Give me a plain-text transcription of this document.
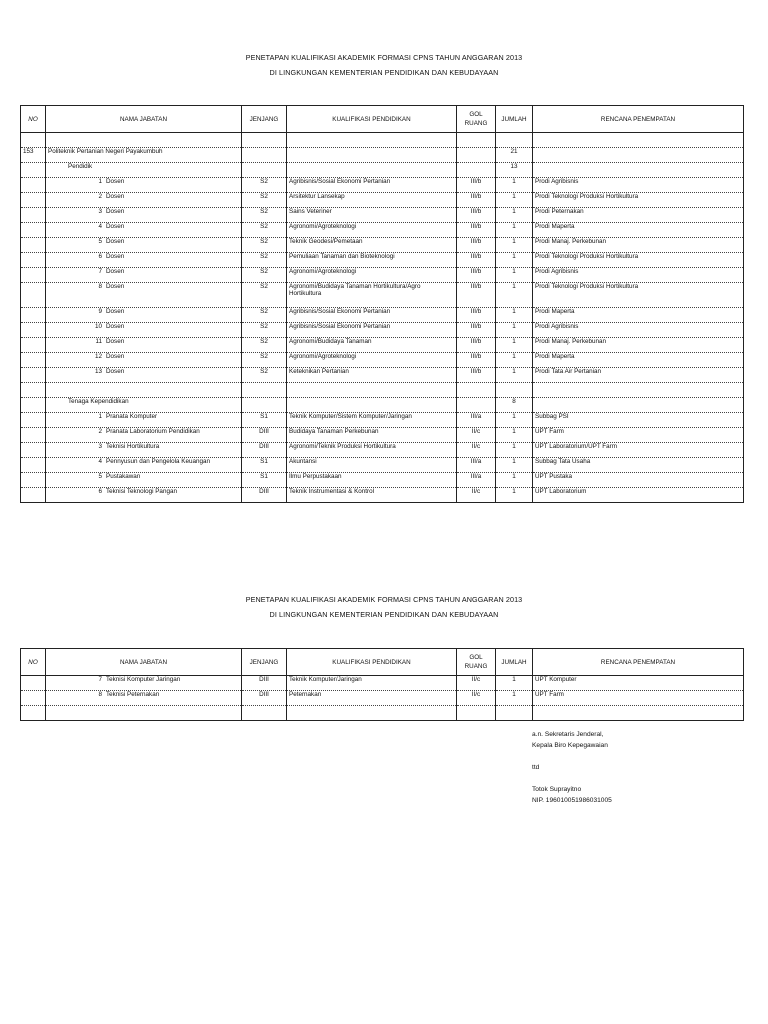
PENETAPAN KUALIFIKASI AKADEMIK FORMASI CPNS TAHUN ANGGARAN 2013
DI LINGKUNGAN KEMENTERIAN PENDIDIKAN DAN KEBUDAYAAN
NO	NAMA JABATAN	JENJANG	KUALIFIKASI PENDIDIKAN	GOL RUANG	JUMLAH	RENCANA PENEMPATAN

153	Politeknik Pertanian Negeri Payakumbuh				21	
	Pendidik				13	
	1 Dosen	S2	Agribisnis/Sosial Ekonomi Pertanian	III/b	1	Prodi Agribisnis
	2 Dosen	S2	Arsitektur Lansekap	III/b	1	Prodi Teknologi Produksi Hortikultura
	3 Dosen	S2	Sains Veteriner	III/b	1	Prodi Peternakan
	4 Dosen	S2	Agronomi/Agroteknologi	III/b	1	Prodi Maperta
	5 Dosen	S2	Teknik Geodesi/Pemetaan	III/b	1	Prodi Manaj. Perkebunan
	6 Dosen	S2	Pemuliaan Tanaman dan Bioteknologi	III/b	1	Prodi Teknologi Produksi Hortikultura
	7 Dosen	S2	Agronomi/Agroteknologi	III/b	1	Prodi Agribisnis
	8 Dosen	S2	Agronomi/Budidaya Tanaman Hortikultura/Agro Hortikultura	III/b	1	Prodi Teknologi Produksi Hortikultura
	9 Dosen	S2	Agribisnis/Sosial Ekonomi Pertanian	III/b	1	Prodi Maperta
	10 Dosen	S2	Agribisnis/Sosial Ekonomi Pertanian	III/b	1	Prodi Agribisnis
	11 Dosen	S2	Agronomi/Budidaya Tanaman	III/b	1	Prodi Manaj. Perkebunan
	12 Dosen	S2	Agronomi/Agroteknologi	III/b	1	Prodi Maperta
	13 Dosen	S2	Keteknikan Pertanian	III/b	1	Prodi Tata Air Pertanian

	Tenaga Kependidikan				8	
	1 Pranata Komputer	S1	Teknik Komputer/Sistem Komputer/Jaringan	III/a	1	Subbag PSI
	2 Pranata Laboratorium Pendidikan	DIII	Budidaya Tanaman Perkebunan	II/c	1	UPT Farm
	3 Teknisi Hortikultura	DIII	Agronomi/Teknik Produksi Hortikultura	II/c	1	UPT Laboratorium/UPT Farm
	4 Pennyusun dan Pengelola Keuangan	S1	Akuntansi	III/a	1	Subbag Tata Usaha
	5 Pustakawan	S1	Ilmu Perpustakaan	III/a	1	UPT Pustaka
	6 Teknisi Teknologi Pangan	DIII	Teknik Instrumentasi & Kontrol	II/c	1	UPT Laboratorium
PENETAPAN KUALIFIKASI AKADEMIK FORMASI CPNS TAHUN ANGGARAN 2013
DI LINGKUNGAN KEMENTERIAN PENDIDIKAN DAN KEBUDAYAAN
NO	NAMA JABATAN	JENJANG	KUALIFIKASI PENDIDIKAN	GOL RUANG	JUMLAH	RENCANA PENEMPATAN
	7 Teknisi Komputer Jaringan	DIII	Teknik Komputer/Jaringan	II/c	1	UPT Komputer
	8 Teknisi Peternakan	DIII	Peternakan	II/c	1	UPT Farm

a.n. Sekretaris Jenderal,
Kepala Biro Kepegawaian
ttd
Totok Suprayitno
NIP. 196010051986031005
